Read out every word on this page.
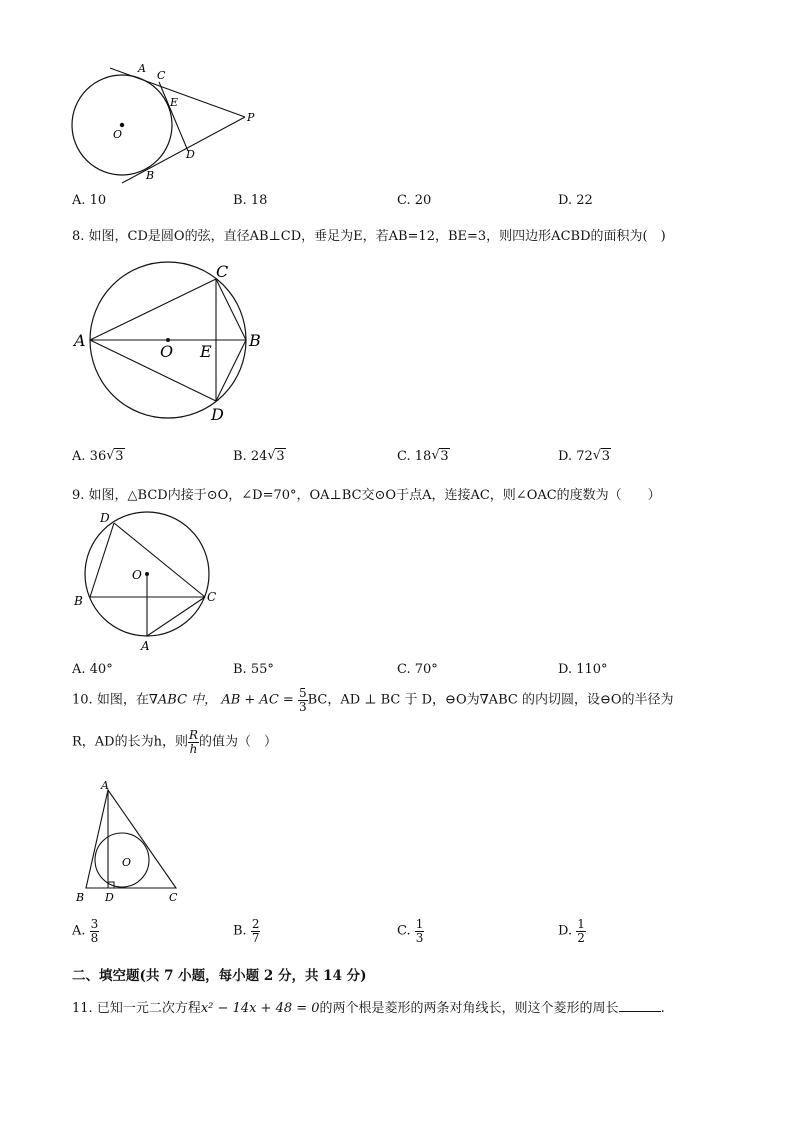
A
C
E
O
D
B
P
A. 10	B. 18	C. 20	D. 22
8. 如图，CD是圆O的弦，直径AB⊥CD，垂足为E，若AB=12，BE=3，则四边形ACBD的面积为(　)
A
O E
B
C
D
A. 36 √ 3	B. 24 √ 3	C. 18 √ 3	D. 72 √ 3
9. 如图，△BCD内接于⊙O，∠D=70°，OA⊥BC交⊙O于点A，连接AC，则∠OAC的度数为（　　）
D
O
B	C
A
A. 40°	B. 55°	C. 70°	D. 110°
10. 如图，在∇ABC 中， AB + AC = $\frac{5}{3}$ BC，AD ⊥ BC 于 D，⊖O为∇ABC 的内切圆，设⊖O的半径为
R，AD的长为h，则 $\frac{R}{h}$ 的值为（　）
A
O
B D	C
A. $\frac{3}{8}$	B. $\frac{2}{7}$	C. $\frac{1}{3}$	D. $\frac{1}{2}$
二、填空题(共 7 小题，每小题 2 分，共 14 分)
11. 已知一元二次方程x² − 14x + 48 = 0的两个根是菱形的两条对角线长，则这个菱形的周长	.
